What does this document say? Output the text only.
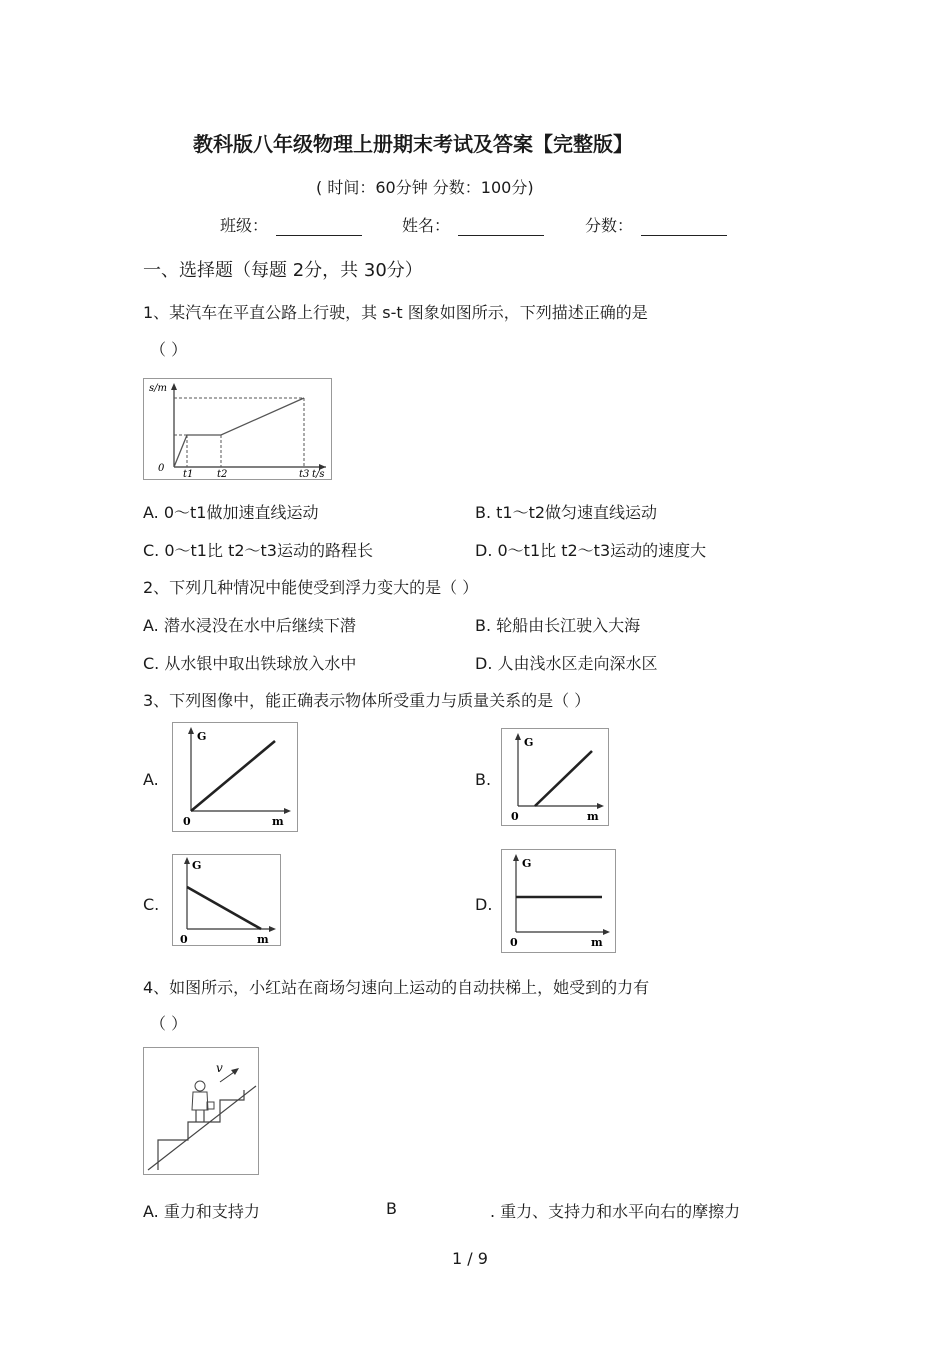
教科版八年级物理上册期末考试及答案【完整版】
( 时间：60分钟 分数：100分)
班级：	姓名：	分数：
一、选择题（每题 2分，共 30分）
1、某汽车在平直公路上行驶，其 s-t 图象如图所示，下列描述正确的是
（ ）
s/m
0
t1 t2	t3 t/s
A. 0～t1做加速直线运动	B. t1～t2做匀速直线运动
C. 0～t1比 t2～t3运动的路程长	D. 0～t1比 t2～t3运动的速度大
2、下列几种情况中能使受到浮力变大的是（ ）
A. 潜水浸没在水中后继续下潜	B. 轮船由长江驶入大海
C. 从水银中取出铁球放入水中	D. 人由浅水区走向深水区
3、下列图像中，能正确表示物体所受重力与质量关系的是（ ）
A.
G
0	m
B.
G
0	m
C.
G
0	m
D.
G
0	m
4、如图所示，小红站在商场匀速向上运动的自动扶梯上，她受到的力有
（ ）
v
A. 重力和支持力	B	. 重力、支持力和水平向右的摩擦力
1 / 9
